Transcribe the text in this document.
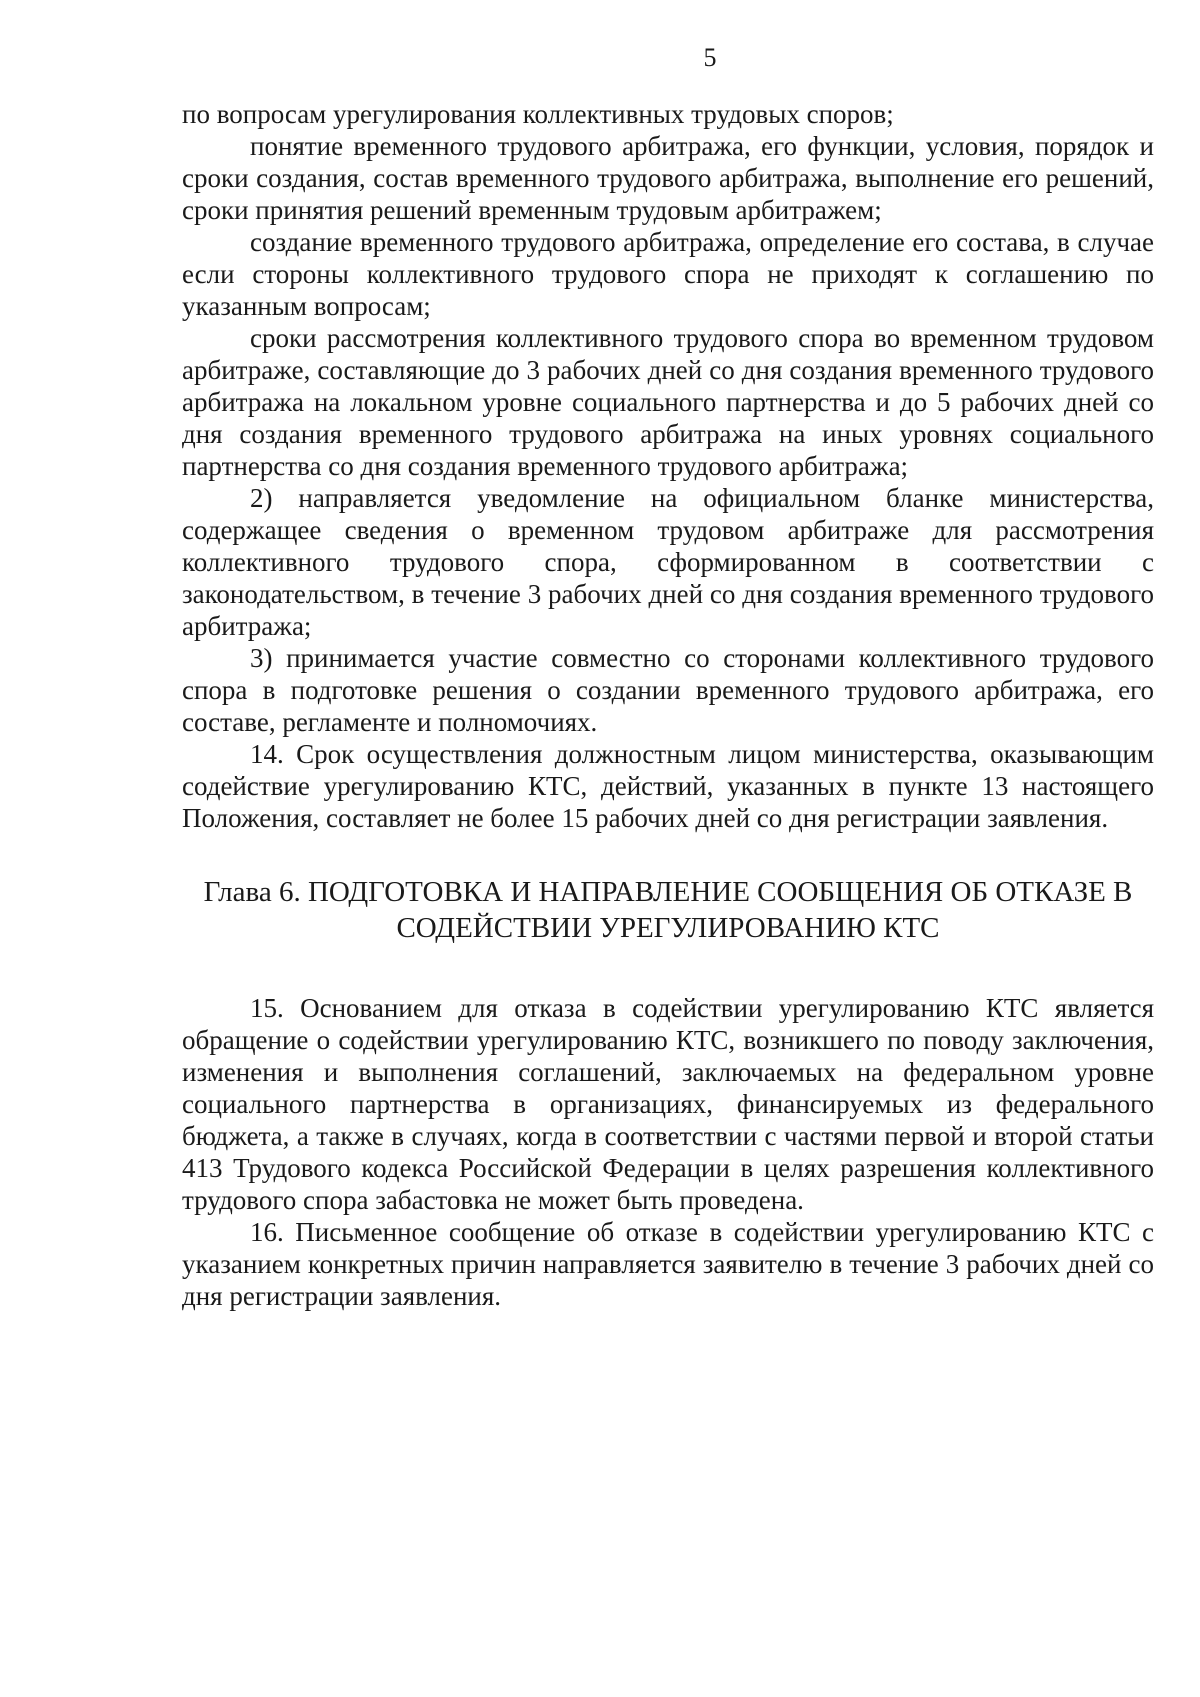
5

по вопросам урегулирования коллективных трудовых споров;

понятие временного трудового арбитража, его функции, условия, порядок и сроки создания, состав временного трудового арбитража, выполнение его решений, сроки принятия решений временным трудовым арбитражем;

создание временного трудового арбитража, определение его состава, в случае если стороны коллективного трудового спора не приходят к соглашению по указанным вопросам;

сроки рассмотрения коллективного трудового спора во временном трудовом арбитраже, составляющие до 3 рабочих дней со дня создания временного трудового арбитража на локальном уровне социального партнерства и до 5 рабочих дней со дня создания временного трудового арбитража на иных уровнях социального партнерства со дня создания временного трудового арбитража;

2) направляется уведомление на официальном бланке министерства, содержащее сведения о временном трудовом арбитраже для рассмотрения коллективного трудового спора, сформированном в соответствии с законодательством, в течение 3 рабочих дней со дня создания временного трудового арбитража;

3) принимается участие совместно со сторонами коллективного трудового спора в подготовке решения о создании временного трудового арбитража, его составе, регламенте и полномочиях.

14. Срок осуществления должностным лицом министерства, оказывающим содействие урегулированию КТС, действий, указанных в пункте 13 настоящего Положения, составляет не более 15 рабочих дней со дня регистрации заявления.

Глава 6. ПОДГОТОВКА И НАПРАВЛЕНИЕ СООБЩЕНИЯ ОБ ОТКАЗЕ В
СОДЕЙСТВИИ УРЕГУЛИРОВАНИЮ КТС

15. Основанием для отказа в содействии урегулированию КТС является обращение о содействии урегулированию КТС, возникшего по поводу заключения, изменения и выполнения соглашений, заключаемых на федеральном уровне социального партнерства в организациях, финансируемых из федерального бюджета, а также в случаях, когда в соответствии с частями первой и второй статьи 413 Трудового кодекса Российской Федерации в целях разрешения коллективного трудового спора забастовка не может быть проведена.

16. Письменное сообщение об отказе в содействии урегулированию КТС с указанием конкретных причин направляется заявителю в течение 3 рабочих дней со дня регистрации заявления.
